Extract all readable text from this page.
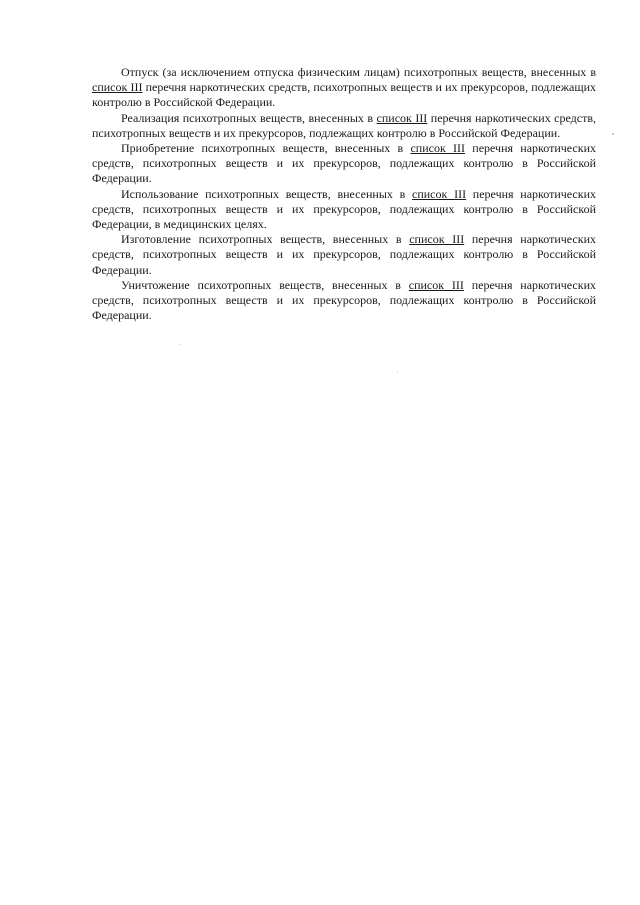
Отпуск (за исключением отпуска физическим лицам) психотропных веществ, внесенных в список III перечня наркотических средств, психотропных веществ и их прекурсоров, подлежащих контролю в Российской Федерации.

Реализация психотропных веществ, внесенных в список III перечня наркотических средств, психотропных веществ и их прекурсоров, подлежащих контролю в Российской Федерации.

Приобретение психотропных веществ, внесенных в список III перечня наркотических средств, психотропных веществ и их прекурсоров, подлежащих контролю в Российской Федерации.

Использование психотропных веществ, внесенных в список III перечня наркотических средств, психотропных веществ и их прекурсоров, подлежащих контролю в Российской Федерации, в медицинских целях.

Изготовление психотропных веществ, внесенных в список III перечня наркотических средств, психотропных веществ и их прекурсоров, подлежащих контролю в Российской Федерации.

Уничтожение психотропных веществ, внесенных в список III перечня наркотических средств, психотропных веществ и их прекурсоров, подлежащих контролю в Российской Федерации.
